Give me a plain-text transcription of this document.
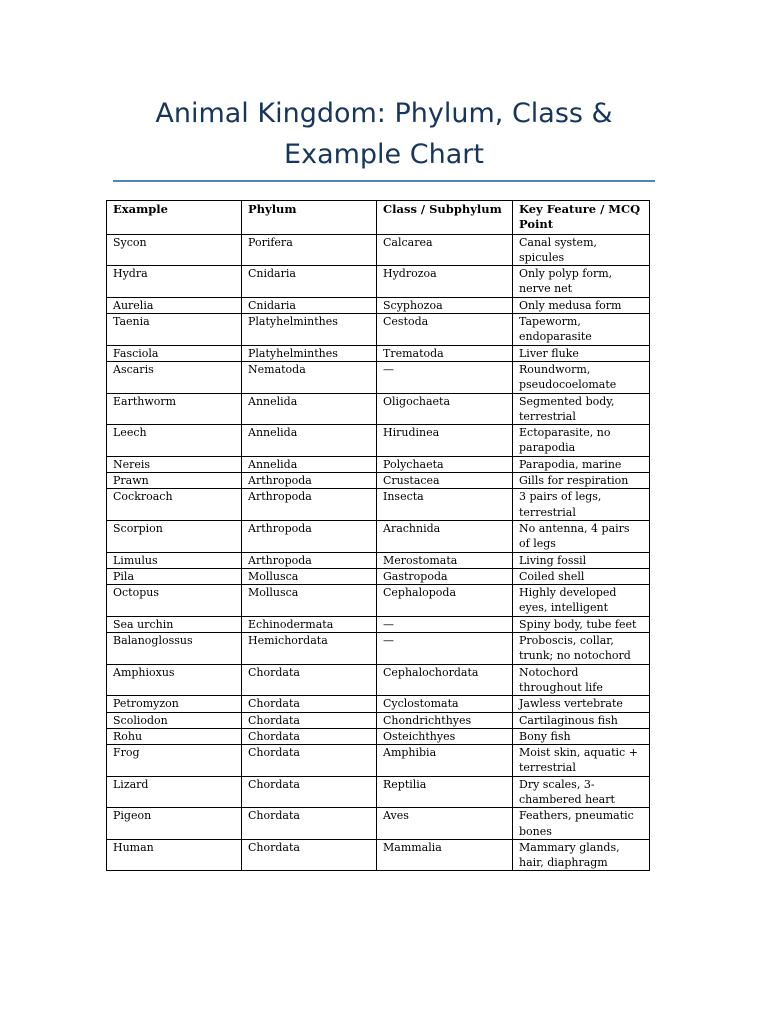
Animal Kingdom: Phylum, Class & Example Chart
Example	Phylum	Class / Subphylum	Key Feature / MCQ Point
Sycon	Porifera	Calcarea	Canal system, spicules
Hydra	Cnidaria	Hydrozoa	Only polyp form, nerve net
Aurelia	Cnidaria	Scyphozoa	Only medusa form
Taenia	Platyhelminthes	Cestoda	Tapeworm, endoparasite
Fasciola	Platyhelminthes	Trematoda	Liver fluke
Ascaris	Nematoda	—	Roundworm, pseudocoelomate
Earthworm	Annelida	Oligochaeta	Segmented body, terrestrial
Leech	Annelida	Hirudinea	Ectoparasite, no parapodia
Nereis	Annelida	Polychaeta	Parapodia, marine
Prawn	Arthropoda	Crustacea	Gills for respiration
Cockroach	Arthropoda	Insecta	3 pairs of legs, terrestrial
Scorpion	Arthropoda	Arachnida	No antenna, 4 pairs of legs
Limulus	Arthropoda	Merostomata	Living fossil
Pila	Mollusca	Gastropoda	Coiled shell
Octopus	Mollusca	Cephalopoda	Highly developed eyes, intelligent
Sea urchin	Echinodermata	—	Spiny body, tube feet
Balanoglossus	Hemichordata	—	Proboscis, collar, trunk; no notochord
Amphioxus	Chordata	Cephalochordata	Notochord throughout life
Petromyzon	Chordata	Cyclostomata	Jawless vertebrate
Scoliodon	Chordata	Chondrichthyes	Cartilaginous fish
Rohu	Chordata	Osteichthyes	Bony fish
Frog	Chordata	Amphibia	Moist skin, aquatic + terrestrial
Lizard	Chordata	Reptilia	Dry scales, 3-chambered heart
Pigeon	Chordata	Aves	Feathers, pneumatic bones
Human	Chordata	Mammalia	Mammary glands, hair, diaphragm
